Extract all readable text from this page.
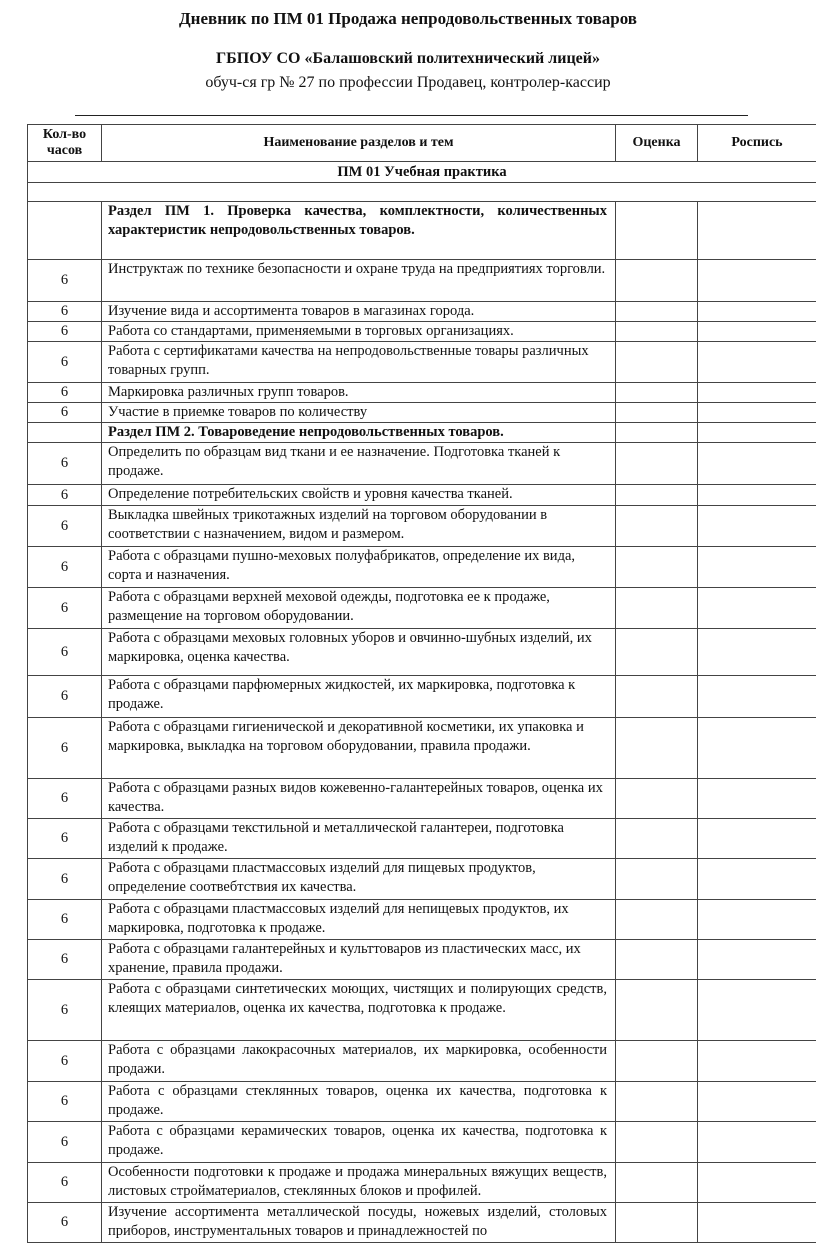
Дневник по ПМ 01 Продажа непродовольственных товаров
ГБПОУ СО «Балашовский политехнический лицей»
обуч-ся гр № 27 по профессии Продавец, контролер-кассир
Кол-во часов	Наименование разделов и тем	Оценка	Роспись
ПМ 01 Учебная практика			

	Раздел ПМ 1. Проверка качества, комплектности, количественных характеристик непродовольственных товаров.		
6	Инструктаж по технике безопасности и охране труда на предприятиях торговли.		
6	Изучение вида и ассортимента товаров в магазинах города.		
6	Работа со стандартами, применяемыми в торговых организациях.		
6	Работа с сертификатами качества на непродовольственные товары различных товарных групп.		
6	Маркировка различных групп товаров.		
6	Участие в приемке товаров по количеству		
	Раздел ПМ 2. Товароведение непродовольственных товаров.		
6	Определить по образцам вид ткани и ее назначение. Подготовка тканей к продаже.		
6	Определение потребительских свойств и уровня качества тканей.		
6	Выкладка швейных трикотажных изделий на торговом оборудовании в соответствии с назначением, видом и размером.		
6	Работа с образцами пушно-меховых полуфабрикатов, определение их вида, сорта и назначения.		
6	Работа с образцами верхней меховой одежды, подготовка ее к продаже, размещение на торговом оборудовании.		
6	Работа с образцами меховых головных уборов и овчинно-шубных изделий, их маркировка, оценка качества.		
6	Работа с образцами парфюмерных жидкостей, их маркировка, подготовка к продаже.		
6	Работа с образцами гигиенической и декоративной косметики, их упаковка и маркировка, выкладка на торговом оборудовании, правила продажи.		
6	Работа с образцами разных видов кожевенно-галантерейных товаров, оценка их качества.		
6	Работа с образцами текстильной и металлической галантереи, подготовка изделий к продаже.		
6	Работа с образцами пластмассовых изделий для пищевых продуктов, определение соотвебтствия их качества.		
6	Работа с образцами пластмассовых изделий для непищевых продуктов, их маркировка, подготовка к продаже.		
6	Работа с образцами галантерейных и культтоваров из пластических масс, их хранение, правила продажи.		
6	Работа с образцами синтетических моющих, чистящих и полирующих средств, клеящих материалов, оценка их качества, подготовка к продаже.		
6	Работа с образцами лакокрасочных материалов, их маркировка, особенности продажи.		
6	Работа с образцами стеклянных товаров, оценка их качества, подготовка к продаже.		
6	Работа с образцами керамических товаров, оценка их качества, подготовка к продаже.		
6	Особенности подготовки к продаже и продажа минеральных вяжущих веществ, листовых стройматериалов, стеклянных блоков и профилей.		
6	Изучение ассортимента металлической посуды, ножевых изделий, столовых приборов, инструментальных товаров и принадлежностей по		
